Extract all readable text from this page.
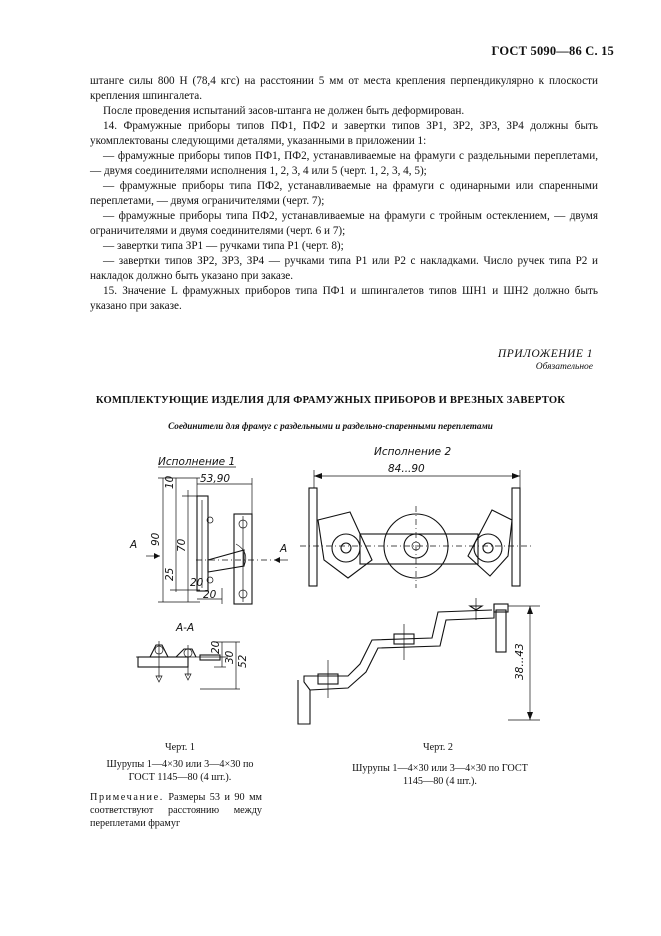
ГОСТ 5090—86 С. 15

штанге силы 800 Н (78,4 кгс) на расстоянии 5 мм от места крепления перпендикулярно к плоскости крепления шпингалета.

После проведения испытаний засов-штанга не должен быть деформирован.

14. Фрамужные приборы типов ПФ1, ПФ2 и завертки типов ЗР1, ЗР2, ЗР3, ЗР4 должны быть укомплектованы следующими деталями, указанными в приложении 1:

— фрамужные приборы типов ПФ1, ПФ2, устанавливаемые на фрамуги с раздельными переплетами, — двумя соединителями исполнения 1, 2, 3, 4 или 5 (черт. 1, 2, 3, 4, 5);

— фрамужные приборы типа ПФ2, устанавливаемые на фрамуги с одинарными или спаренными переплетами, — двумя ограничителями (черт. 7);

— фрамужные приборы типа ПФ2, устанавливаемые на фрамуги с тройным остеклением, — двумя ограничителями и двумя соединителями (черт. 6 и 7);

— завертки типа ЗР1 — ручками типа Р1 (черт. 8);

— завертки типов ЗР2, ЗР3, ЗР4 — ручками типа Р1 или Р2 с накладками. Число ручек типа Р2 и накладок должно быть указано при заказе.

15. Значение L фрамужных приборов типа ПФ1 и шпингалетов типов ШН1 и ШН2 должно быть указано при заказе.

ПРИЛОЖЕНИЕ 1
Обязательное
КОМПЛЕКТУЮЩИЕ ИЗДЕЛИЯ ДЛЯ ФРАМУЖНЫХ ПРИБОРОВ И ВРЕЗНЫХ ЗАВЕРТОК
Соединители для фрамуг с раздельными и раздельно-спаренными переплетами
53,90
10
90 70
25
20
20
А	А
20
30 52
84...90
38...43
Исполнение 2
Исполнение 1
А-А
Черт. 1
Шурупы 1—4×30 или 3—4×30 по ГОСТ 1145—80 (4 шт.).
Примечание. Размеры 53 и 90 мм соответствуют расстоянию между переплетами фрамуг
Черт. 2
Шурупы 1—4×30 или 3—4×30 по ГОСТ 1145—80 (4 шт.).
